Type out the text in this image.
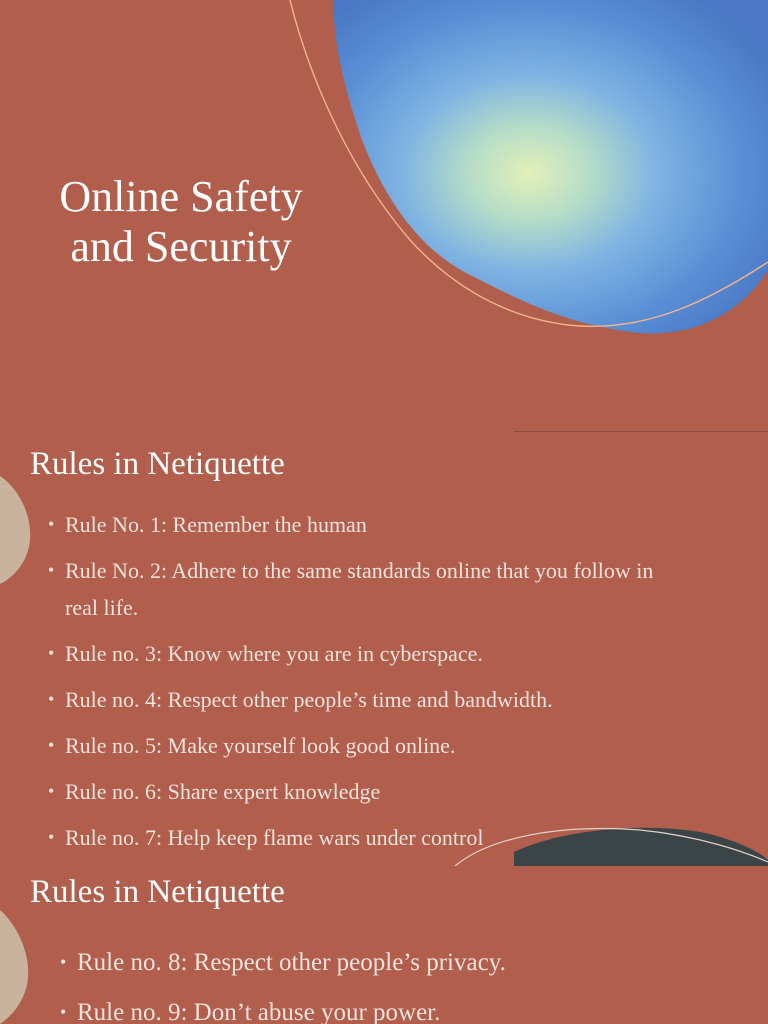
Online Safety
and Security
Rules in Netiquette
• Rule No. 1: Remember the human
• Rule No. 2: Adhere to the same standards online that you follow in real life.
• Rule no. 3: Know where you are in cyberspace.
• Rule no. 4: Respect other people’s time and bandwidth.
• Rule no. 5: Make yourself look good online.
• Rule no. 6: Share expert knowledge
• Rule no. 7: Help keep flame wars under control
Rules in Netiquette
• Rule no. 8: Respect other people’s privacy.
• Rule no. 9: Don’t abuse your power.
